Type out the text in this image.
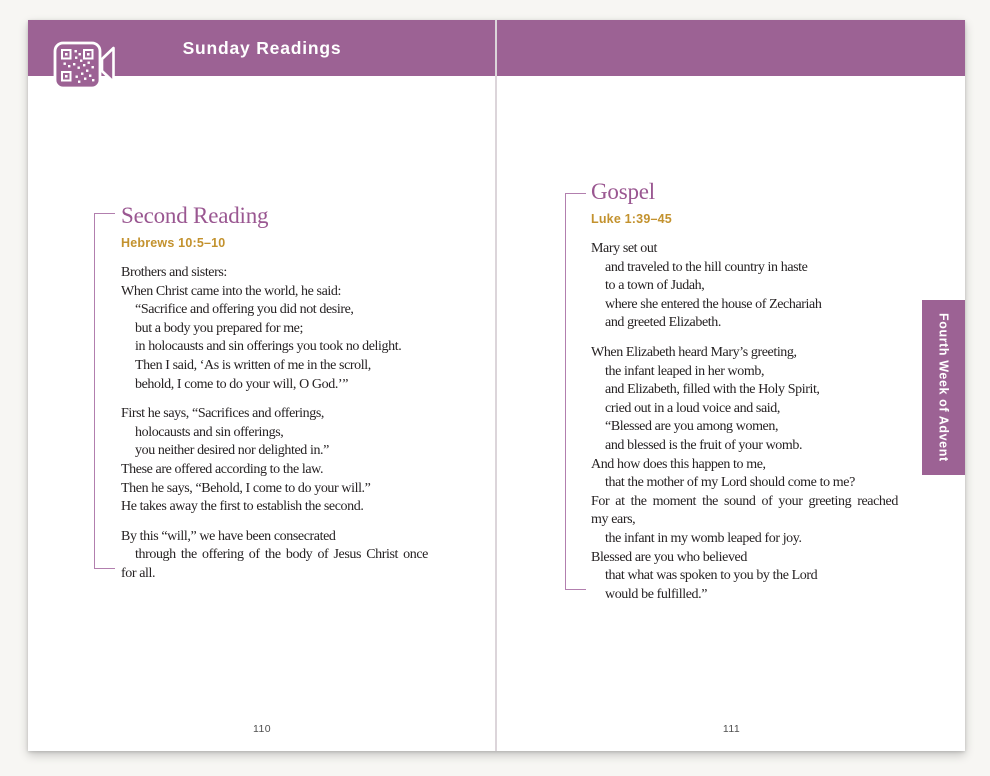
Second Reading
Hebrews 10:5–10
Brothers and sisters:
When Christ came into the world, he said:
“Sacrifice and offering you did not desire,
but a body you prepared for me;
in holocausts and sin offerings you took no delight.
Then I said, ‘As is written of me in the scroll,
behold, I come to do your will, O God.’”
First he says, “Sacrifices and offerings,
holocausts and sin offerings,
you neither desired nor delighted in.”
These are offered according to the law.
Then he says, “Behold, I come to do your will.”
He takes away the first to establish the second.
By this “will,” we have been consecrated
through the offering of the body of Jesus Christ once
for all.
110
Gospel
Luke 1:39–45
Mary set out
and traveled to the hill country in haste
to a town of Judah,
where she entered the house of Zechariah
and greeted Elizabeth.
When Elizabeth heard Mary’s greeting,
the infant leaped in her womb,
and Elizabeth, filled with the Holy Spirit,
cried out in a loud voice and said,
“Blessed are you among women,
and blessed is the fruit of your womb.
And how does this happen to me,
that the mother of my Lord should come to me?
For at the moment the sound of your greeting reached
my ears,
the infant in my womb leaped for joy.
Blessed are you who believed
that what was spoken to you by the Lord
would be fulfilled.”
111
Sunday Readings
Fourth Week of Advent
